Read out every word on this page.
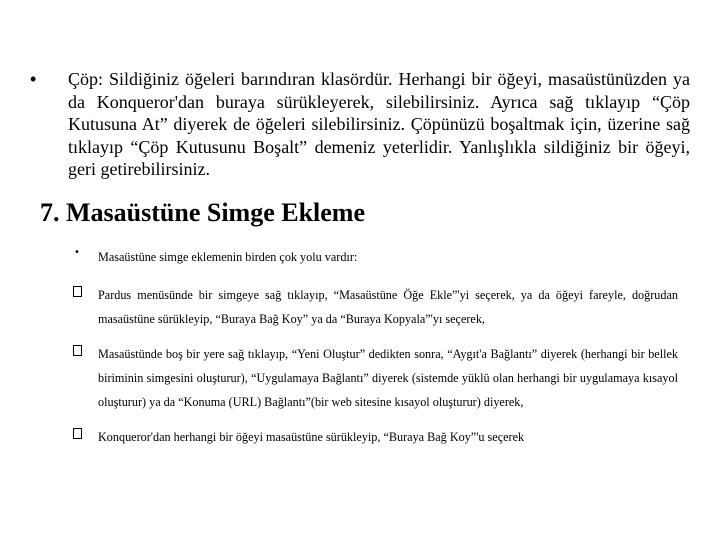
• Çöp: Sildiğiniz öğeleri barındıran klasördür. Herhangi bir öğeyi, masaüstünüzden ya da Konqueror'dan buraya sürükleyerek, silebilirsiniz. Ayrıca sağ tıklayıp “Çöp Kutusuna At” diyerek de öğeleri silebilirsiniz. Çöpünüzü boşaltmak için, üzerine sağ tıklayıp “Çöp Kutusunu Boşalt” demeniz yeterlidir. Yanlışlıkla sildiğiniz bir öğeyi, geri getirebilirsiniz.
7. Masaüstüne Simge Ekleme
• Masaüstüne simge eklemenin birden çok yolu vardır:

Pardus menüsünde bir simgeye sağ tıklayıp, “Masaüstüne Öğe Ekle”'yi seçerek, ya da öğeyi fareyle, doğrudan masaüstüne sürükleyip, “Buraya Bağ Koy” ya da “Buraya Kopyala”'yı seçerek,

Masaüstünde boş bir yere sağ tıklayıp, “Yeni Oluştur” dedikten sonra, “Aygıt'a Bağlantı” diyerek (herhangi bir bellek biriminin simgesini oluşturur), “Uygulamaya Bağlantı” diyerek (sistemde yüklü olan herhangi bir uygulamaya kısayol oluşturur) ya da “Konuma (URL) Bağlantı”(bir web sitesine kısayol oluşturur) diyerek,

Konqueror'dan herhangi bir öğeyi masaüstüne sürükleyip, “Buraya Bağ Koy”'u seçerek
